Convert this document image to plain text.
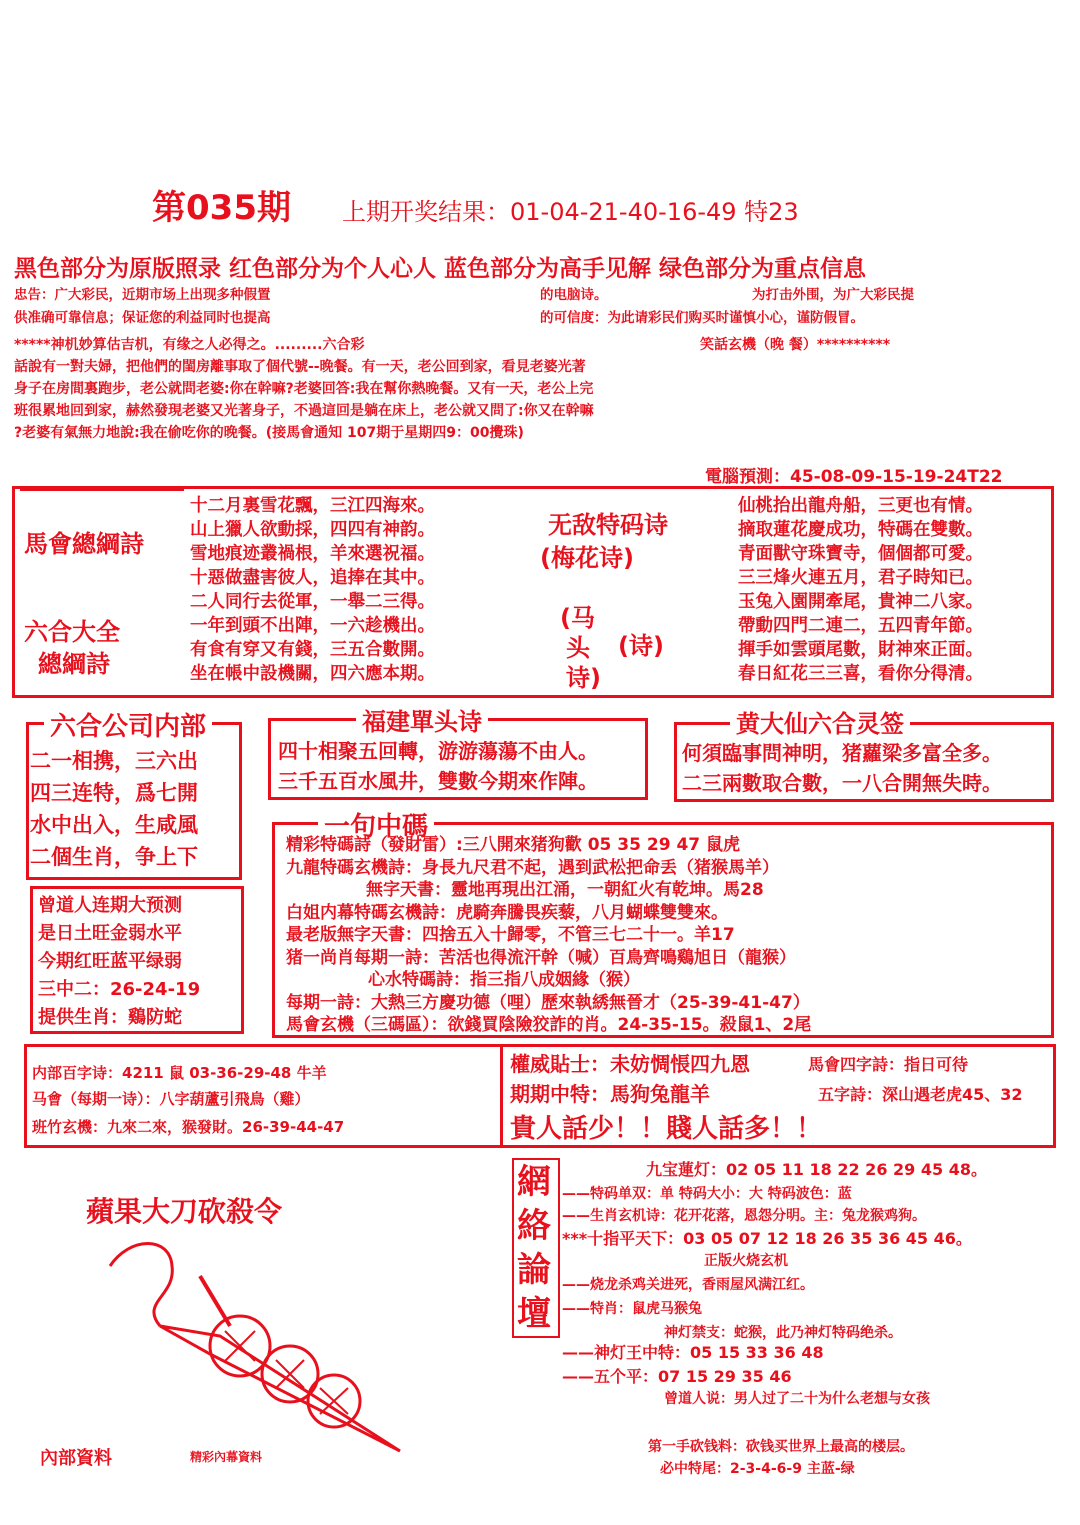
第035期 上期开奖结果：01-04-21-40-16-49 特23
黑色部分为原版照录 红色部分为个人心人 蓝色部分为高手见解 绿色部分为重点信息
忠告：广大彩民，近期市场上出现多种假置	的电脑诗。	为打击外围，为广大彩民提
供准确可靠信息；保证您的利益同时也提高	的可信度：为此请彩民们购买时谨慎小心，谨防假冒。
*****神机妙算估吉机，有缘之人必得之。.........六合彩	笑話玄機（晚 餐）**********
話說有一對夫婦，把他們的閨房離事取了個代號--晚餐。有一天，老公回到家，看見老婆光著
身子在房間裏跑步，老公就問老婆:你在幹嘛?老婆回答:我在幫你熱晚餐。又有一天，老公上完
班很累地回到家，赫然發現老婆又光著身子，不過這回是躺在床上，老公就又問了:你又在幹嘛
?老婆有氣無力地說:我在偷吃你的晚餐。(接馬會通知 107期于星期四9：00攪珠)
電腦預測：45-08-09-15-19-24T22
馬會總綱詩
六合大全
總綱詩
十二月裏雪花飄，三江四海來。
山上獵人欲動採，四四有神韵。
雪地痕迹叢禍根，羊來選祝福。
十惡做盡害彼人，追捧在其中。
二人同行去從軍，一舉二三得。
一年到頭不出陣，一六趁機出。
有食有穿又有錢，三五合數開。
坐在帳中設機關，四六應本期。
无敌特码诗
(梅花诗)
(马
头 (诗)
诗)
仙桃抬出龍舟船，三更也有情。
摘取蓮花慶成功，特碼在雙數。
青面獸守珠寶寺，個個都可愛。
三三烽火連五月，君子時知已。
玉兔入園開牽尾，貴神二八家。
帶動四門二連二，五四青年節。
揮手如雲頭尾數，財神來正面。
春日紅花三三喜，看你分得清。
六合公司内部
二一相携，三六出
四三连特，爲七開
水中出入，生咸風
二個生肖，争上下
福建單头诗
四十相聚五回轉，游游蕩蕩不由人。
三千五百水風井，雙數今期來作陣。
黄大仙六合灵签
何須臨事問神明，猪蘿梁多富全多。
二三兩數取合數，一八合開無失時。
曾道人连期大预测
是日土旺金弱水平
今期红旺蓝平绿弱
三中二：26-24-19
提供生肖：鷄防蛇
一句中碼
精彩特碼詩（發財雷）:三八開來猪狗歡 05 35 29 47 鼠虎
九龍特碼玄機詩：身長九尺君不起，遇到武松把命丢（猪猴馬羊）
無字天書：靈地再現出江涌，一朝紅火有乾坤。馬28
白姐内幕特碼玄機詩：虎騎奔騰畏疾藜，八月蝴蝶雙雙來。
最老版無字天書：四捨五入十歸零，不管三七二十一。羊17
猪一尚肖每期一詩：苦活也得流汗幹（喊）百鳥齊鳴鷄旭日（龍猴）
心水特碼詩：指三指八成姻緣（猴）
每期一詩：大熱三方慶功德（哩）歷來執綉無晉才（25-39-41-47）
馬會玄機（三碼區）：欲錢買陰險狡詐的肖。24-35-15。殺鼠1、2尾
内部百字诗：4211 鼠 03-36-29-48 牛羊
马會（每期一诗）：八字葫蘆引飛鳥（雞）
班竹玄機：九來二來，猴發財。26-39-44-47
權威貼士：未妨惆悵四九恩	馬會四字詩：指日可待
期期中特：馬狗兔龍羊	五字詩：深山遇老虎45、32
貴人話少！！賤人話多！！
蘋果大刀砍殺令
內部資料	精彩內幕資料
網
絡
論
壇
九宝蓮灯：02 05 11 18 22 26 29 45 48。
——特码单双：单 特码大小：大 特码波色：蓝
——生肖玄机诗：花开花落，恩怨分明。主：兔龙猴鸡狗。
***十指平天下：03 05 07 12 18 26 35 36 45 46。
正版火烧玄机
——烧龙杀鸡关进死，香雨屋风满江红。
——特肖：鼠虎马猴兔
神灯禁支：蛇猴，此乃神灯特码绝杀。
——神灯王中特：05 15 33 36 48
——五个平：07 15 29 35 46
曾道人说：男人过了二十为什么老想与女孩
第一手砍钱料：砍钱买世界上最高的楼层。
必中特尾：2-3-4-6-9 主蓝-绿
